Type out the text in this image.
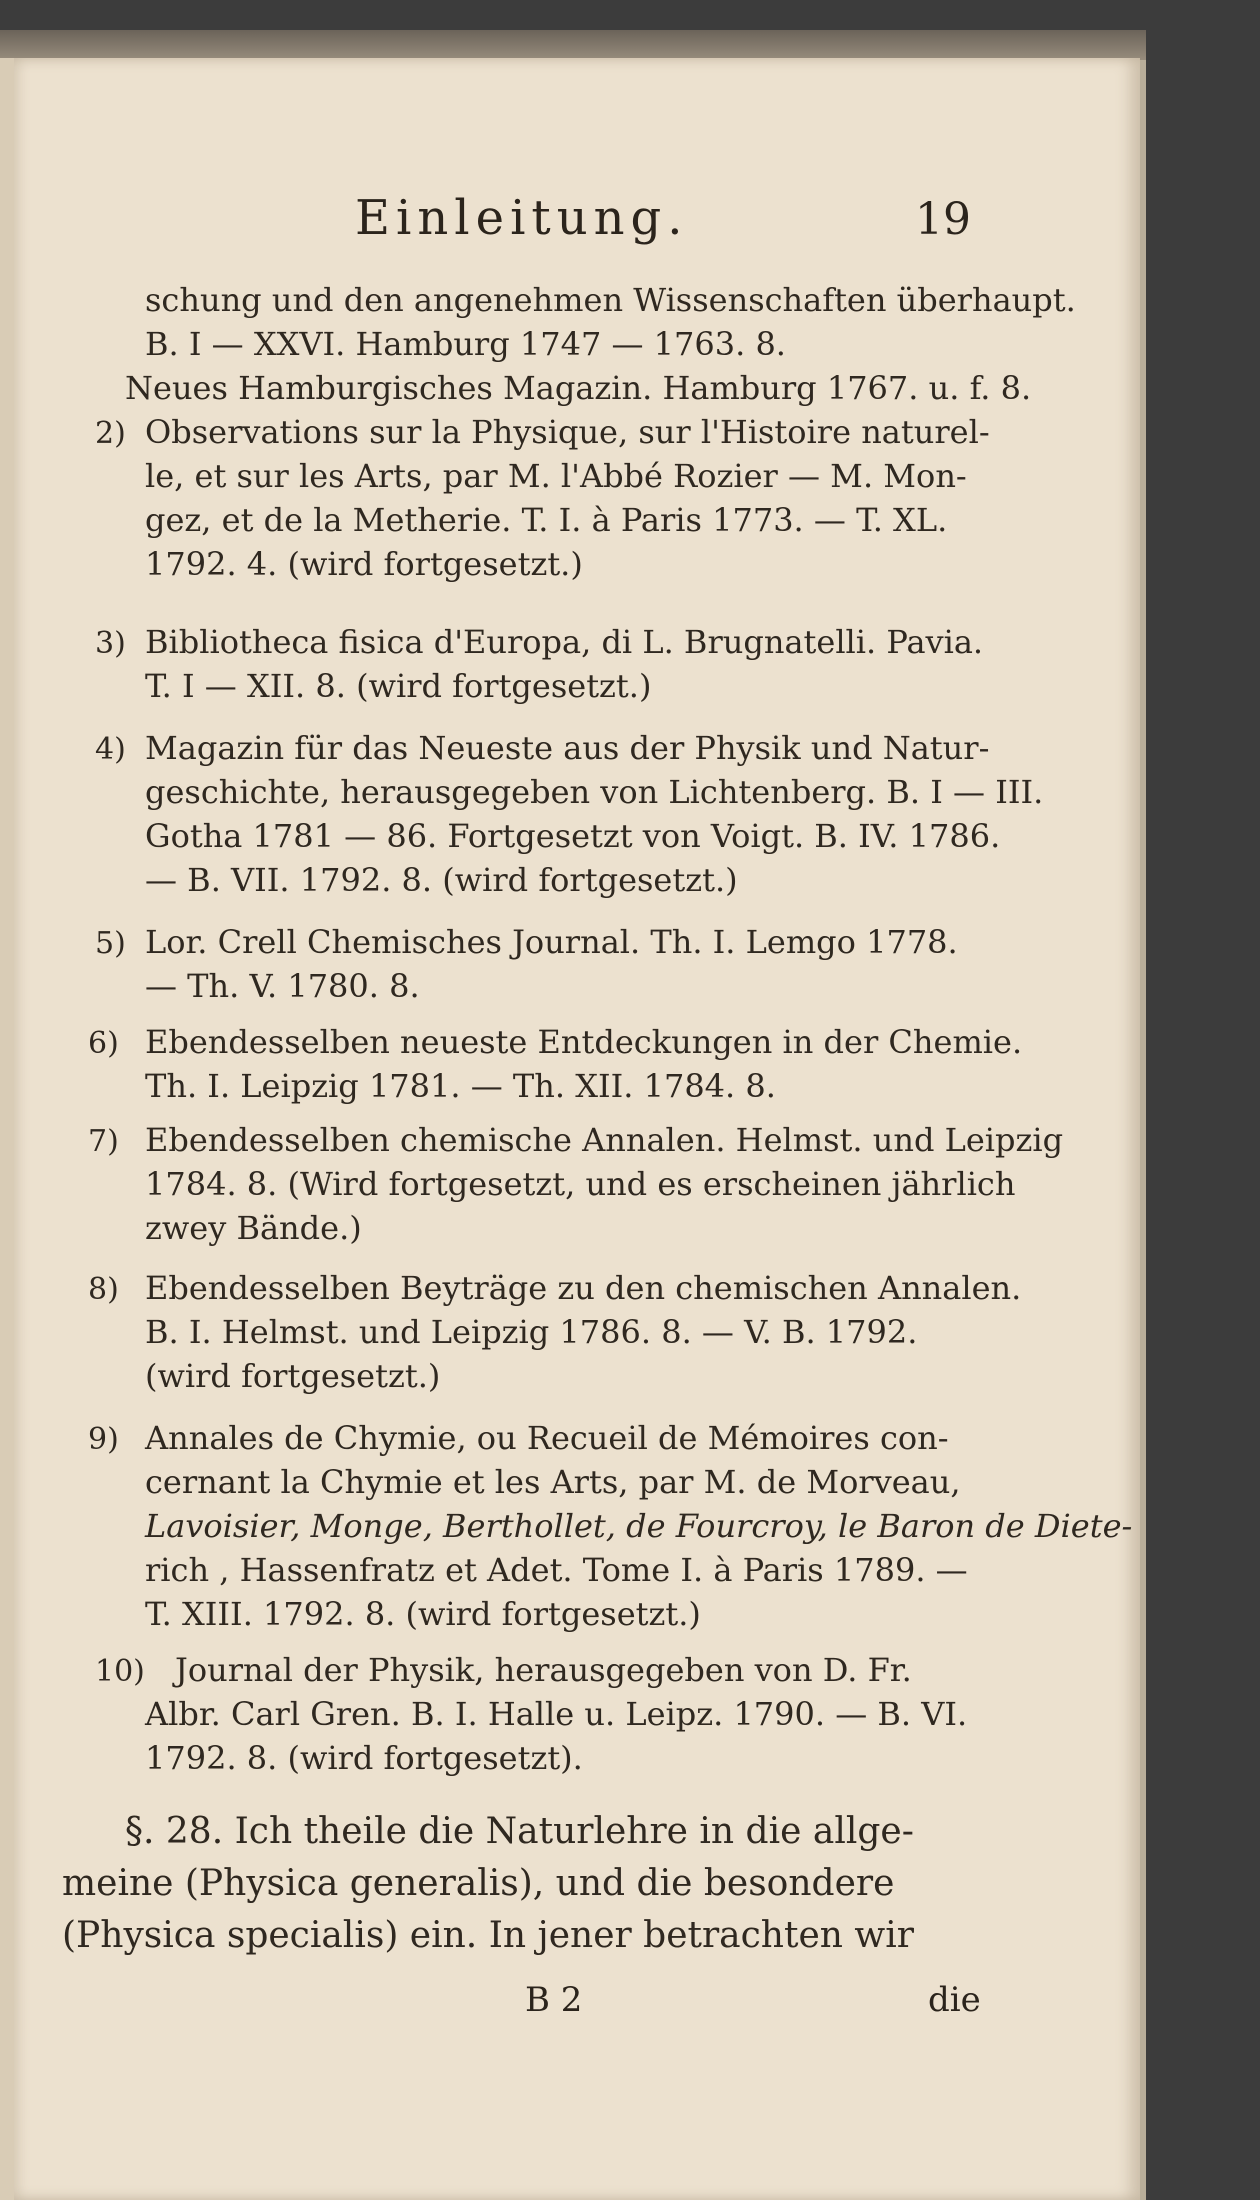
Einleitung.	19
schung und den angenehmen Wissenschaften überhaupt.
B. I — XXVI. Hamburg 1747 — 1763. 8.
Neues Hamburgisches Magazin. Hamburg 1767. u. f. 8.
2) Observations sur la Physique, sur l'Histoire naturel-
le, et sur les Arts, par M. l'Abbé Rozier — M. Mon-
gez, et de la Metherie. T. I. à Paris 1773. — T. XL.
1792. 4. (wird fortgesetzt.)
3) Bibliotheca fisica d'Europa, di L. Brugnatelli. Pavia.
T. I — XII. 8. (wird fortgesetzt.)
4) Magazin für das Neueste aus der Physik und Natur-
geschichte, herausgegeben von Lichtenberg. B. I — III.
Gotha 1781 — 86. Fortgesetzt von Voigt. B. IV. 1786.
— B. VII. 1792. 8. (wird fortgesetzt.)
5) Lor. Crell Chemisches Journal. Th. I. Lemgo 1778.
— Th. V. 1780. 8.
6) Ebendesselben neueste Entdeckungen in der Chemie.
Th. I. Leipzig 1781. — Th. XII. 1784. 8.
7) Ebendesselben chemische Annalen. Helmst. und Leipzig
1784. 8. (Wird fortgesetzt, und es erscheinen jährlich
zwey Bände.)
8) Ebendesselben Beyträge zu den chemischen Annalen.
B. I. Helmst. und Leipzig 1786. 8. — V. B. 1792.
(wird fortgesetzt.)
9) Annales de Chymie, ou Recueil de Mémoires con-
cernant la Chymie et les Arts, par M. de Morveau,
Lavoisier, Monge, Berthollet, de Fourcroy, le Baron de Diete-
rich , Hassenfratz et Adet. Tome I. à Paris 1789. —
T. XIII. 1792. 8. (wird fortgesetzt.)
10) Journal der Physik, herausgegeben von D. Fr.
Albr. Carl Gren. B. I. Halle u. Leipz. 1790. — B. VI.
1792. 8. (wird fortgesetzt).
§. 28. Ich theile die Naturlehre in die allge-
meine (Physica generalis), und die besondere
(Physica specialis) ein. In jener betrachten wir
B 2	die
